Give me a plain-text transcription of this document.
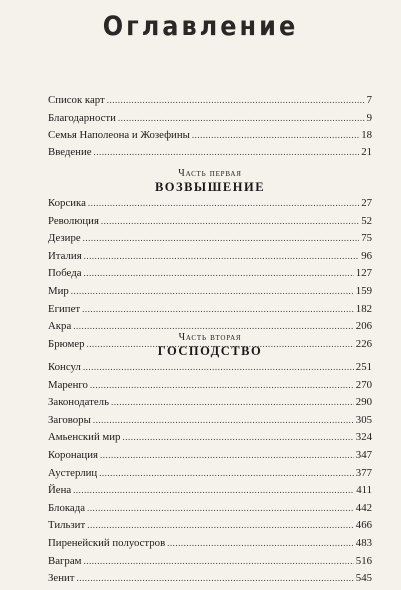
Оглавление
Список карт .....	7
Благодарности .....	9
Семья Наполеона и Жозефины .....	18
Введение .....	21
Часть первая
ВОЗВЫШЕНИЕ
Корсика .....	27
Революция .....	52
Дезире .....	75
Италия .....	96
Победа .....	127
Мир .....	159
Египет .....	182
Акра .....	206
Брюмер .....	226
Часть вторая
ГОСПОДСТВО
Консул .....	251
Маренго .....	270
Законодатель .....	290
Заговоры .....	305
Амьенский мир .....	324
Коронация .....	347
Аустерлиц .....	377
Йена .....	411
Блокада .....	442
Тильзит .....	466
Пиренейский полуостров .....	483
Ваграм .....	516
Зенит .....	545
